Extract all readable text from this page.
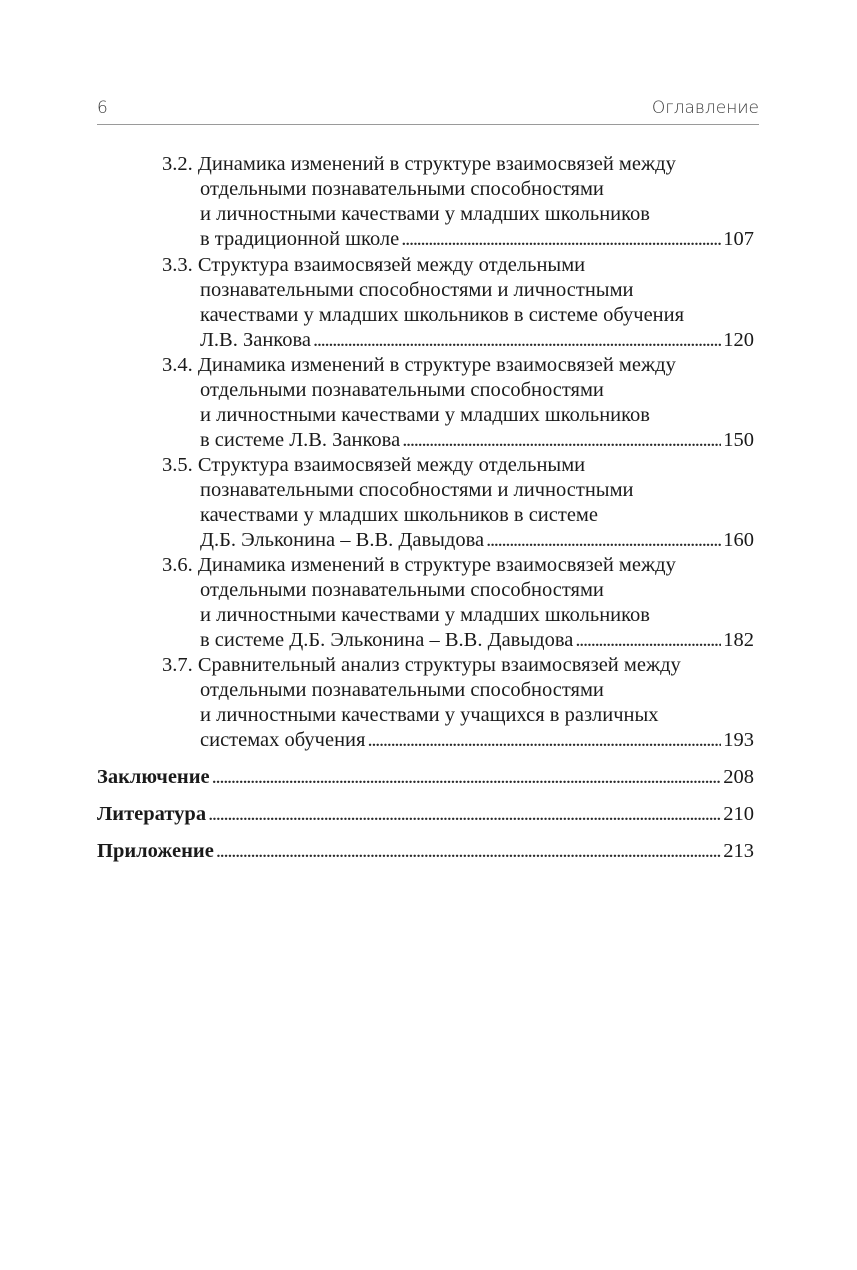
6	Оглавление
3.2. Динамика изменений в структуре взаимосвязей между
отдельными познавательными способностями
и личностными качествами у младших школьников
в традиционной школе . . .	107
3.3. Структура взаимосвязей между отдельными
познавательными способностями и личностными
качествами у младших школьников в системе обучения
Л.В. Занкова . . .	120
3.4. Динамика изменений в структуре взаимосвязей между
отдельными познавательными способностями
и личностными качествами у младших школьников
в системе Л.В. Занкова . . .	150
3.5. Структура взаимосвязей между отдельными
познавательными способностями и личностными
качествами у младших школьников в системе
Д.Б. Эльконина – В.В. Давыдова . . .	160
3.6. Динамика изменений в структуре взаимосвязей между
отдельными познавательными способностями
и личностными качествами у младших школьников
в системе Д.Б. Эльконина – В.В. Давыдова . . .	182
3.7. Сравнительный анализ структуры взаимосвязей между
отдельными познавательными способностями
и личностными качествами у учащихся в различных
системах обучения . . .	193
Заключение . . .	208
Литература . . .	210
Приложение . . .	213
